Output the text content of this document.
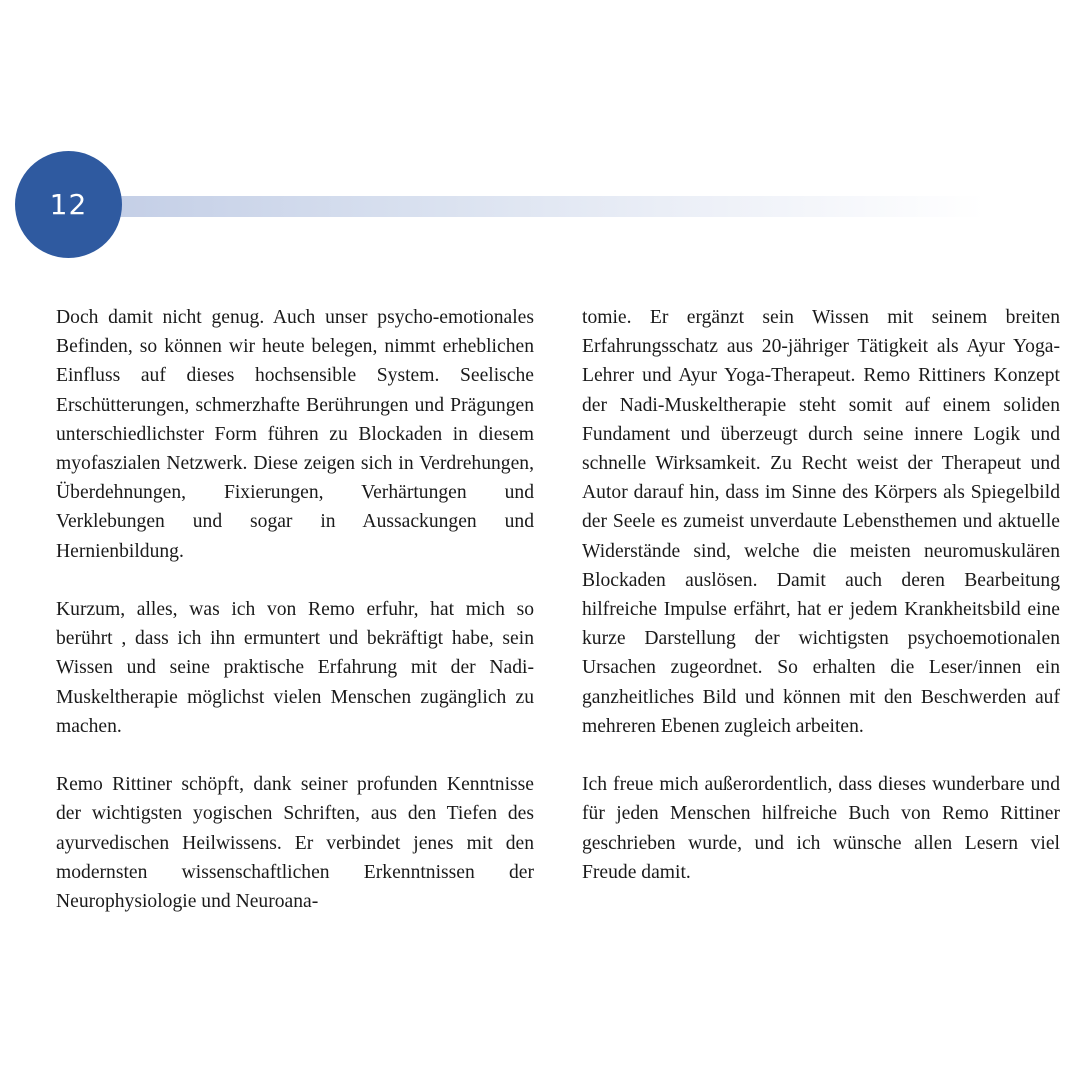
12

Doch damit nicht genug. Auch unser psycho-emotionales Befinden, so können wir heute belegen, nimmt erheblichen Einfluss auf dieses hochsensible System. Seelische Erschütterungen, schmerzhafte Berührungen und Prägungen unterschiedlichster Form führen zu Blockaden in diesem myofaszialen Netzwerk. Diese zeigen sich in Verdrehungen, Überdehnungen, Fixierungen, Verhärtungen und Verklebungen und sogar in Aussackungen und Hernienbildung.

Kurzum, alles, was ich von Remo erfuhr, hat mich so berührt , dass ich ihn ermuntert und bekräftigt habe, sein Wissen und seine praktische Erfahrung mit der Nadi-Muskeltherapie möglichst vielen Menschen zugänglich zu machen.

Remo Rittiner schöpft, dank seiner profunden Kenntnisse der wichtigsten yogischen Schriften, aus den Tiefen des ayurvedischen Heilwissens. Er verbindet jenes mit den modernsten wissenschaftlichen Erkenntnissen der Neurophysiologie und Neuroana-

tomie. Er ergänzt sein Wissen mit seinem breiten Erfahrungsschatz aus 20-jähriger Tätigkeit als Ayur Yoga-Lehrer und Ayur Yoga-Therapeut. Remo Rittiners Konzept der Nadi-Muskeltherapie steht somit auf einem soliden Fundament und überzeugt durch seine innere Logik und schnelle Wirksamkeit. Zu Recht weist der Therapeut und Autor darauf hin, dass im Sinne des Körpers als Spiegelbild der Seele es zumeist unverdaute Lebensthemen und aktuelle Widerstände sind, welche die meisten neuromuskulären Blockaden auslösen. Damit auch deren Bearbeitung hilfreiche Impulse erfährt, hat er jedem Krankheitsbild eine kurze Darstellung der wichtigsten psychoemotionalen Ursachen zugeordnet. So erhalten die Leser/innen ein ganzheitliches Bild und können mit den Beschwerden auf mehreren Ebenen zugleich arbeiten.

Ich freue mich außerordentlich, dass dieses wunderbare und für jeden Menschen hilfreiche Buch von Remo Rittiner geschrieben wurde, und ich wünsche allen Lesern viel Freude damit.
